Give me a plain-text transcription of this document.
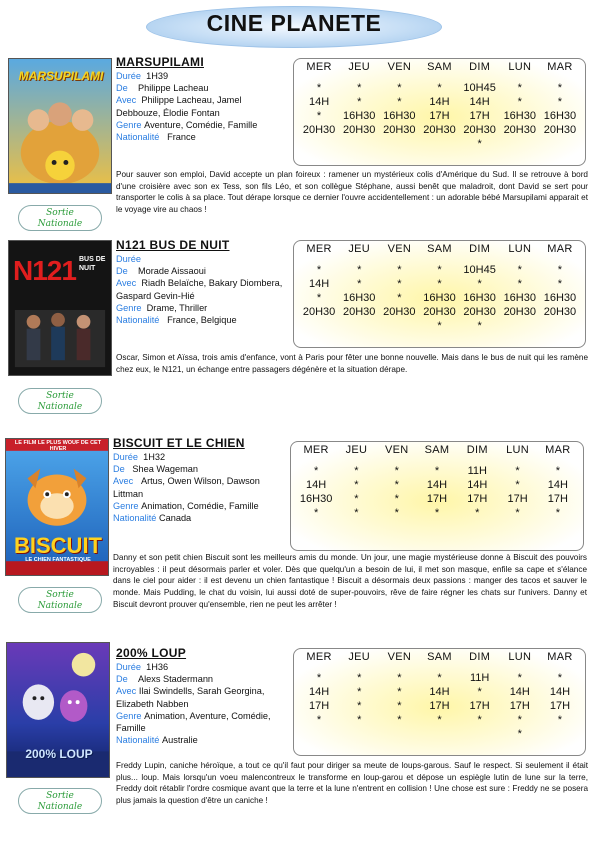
CINE PLANETE
MARSUPILAMI
Sortie
Nationale
MARSUPILAMI
Durée 1H39
De Philippe Lacheau
Avec Philippe Lacheau, Jamel Debbouze, Élodie Fontan
Genre Aventure, Comédie, Famille
Nationalité France
MER
*
14H
*
20H30
JEU
*
*
16H30
20H30
VEN
*
*
16H30
20H30
SAM
*
14H
17H
20H30
DIM
10H45
14H
17H
20H30
*
LUN
*
*
16H30
20H30
MAR
*
*
16H30
20H30
Pour sauver son emploi, David accepte un plan foireux : ramener un mystérieux colis d'Amérique du Sud. Il se retrouve à bord d'une croisière avec son ex Tess, son fils Léo, et son collègue Stéphane, aussi benêt que maladroit, dont David se sert pour transporter le colis à sa place. Tout dérape lorsque ce dernier l'ouvre accidentellement : un adorable bébé Marsupilami apparait et le voyage vire au chaos !
N121 BUS DE NUIT
Sortie
Nationale
N121 BUS DE NUIT
Durée
De Morade Aissaoui
Avec Riadh Belaïche, Bakary Diombera, Gaspard Gevin-Hié
Genre Drame, Thriller
Nationalité France, Belgique
MER
*
14H
*
20H30
JEU
*
*
16H30
20H30
VEN
*
*
*
20H30
SAM
*
*
16H30
20H30
*
DIM
10H45
*
16H30
20H30
*
LUN
*
*
16H30
20H30
MAR
*
*
16H30
20H30
Oscar, Simon et Aïssa, trois amis d'enfance, vont à Paris pour fêter une bonne nouvelle. Mais dans le bus de nuit qui les ramène chez eux, le N121, un échange entre passagers dégénère et la situation dérape.
LE FILM LE PLUS WOUF DE CET HIVER
BISCUIT
LE CHIEN FANTASTIQUE
Sortie
Nationale
BISCUIT ET LE CHIEN
Durée 1H32
De Shea Wageman
Avec Artus, Owen Wilson, Dawson Littman
Genre Animation, Comédie, Famille
Nationalité Canada
MER
*
14H
16H30
*
JEU
*
*
*
*
VEN
*
*
*
*
SAM
*
14H
17H
*
DIM
11H
14H
17H
*
LUN
*
*
17H
*
MAR
*
14H
17H
*
Danny et son petit chien Biscuit sont les meilleurs amis du monde. Un jour, une magie mystérieuse donne à Biscuit des pouvoirs incroyables : il peut désormais parler et voler. Dès que quelqu'un a besoin de lui, il met son masque, enfile sa cape et s'élance dans le ciel pour aider : il est devenu un chien fantastique ! Biscuit a désormais deux passions : manger des tacos et sauver le monde. Mais Pudding, le chat du voisin, lui aussi doté de super-pouvoirs, rêve de faire régner les chats sur l'univers. Danny et Biscuit devront prouver qu'ensemble, rien ne peut les arrêter !
200% LOUP
Sortie
Nationale
200% LOUP
Durée 1H36
De Alexs Stadermann
Avec Ilai Swindells, Sarah Georgina, Elizabeth Nabben
Genre Animation, Aventure, Comédie, Famille
Nationalité Australie
MER
*
14H
17H
*
JEU
*
*
*
*
VEN
*
*
*
*
SAM
*
14H
17H
*
DIM
11H
*
17H
*
LUN
*
14H
17H
*
*
MAR
*
14H
17H
*
Freddy Lupin, caniche héroïque, a tout ce qu'il faut pour diriger sa meute de loups-garous. Sauf le respect. Si seulement il était plus... loup. Mais lorsqu'un voeu malencontreux le transforme en loup-garou et dépose un espiègle lutin de lune sur la terre, Freddy doit rétablir l'ordre cosmique avant que la terre et la lune n'entrent en collision ! Une chose est sure : Freddy ne se posera plus jamais la question d'être un caniche !
